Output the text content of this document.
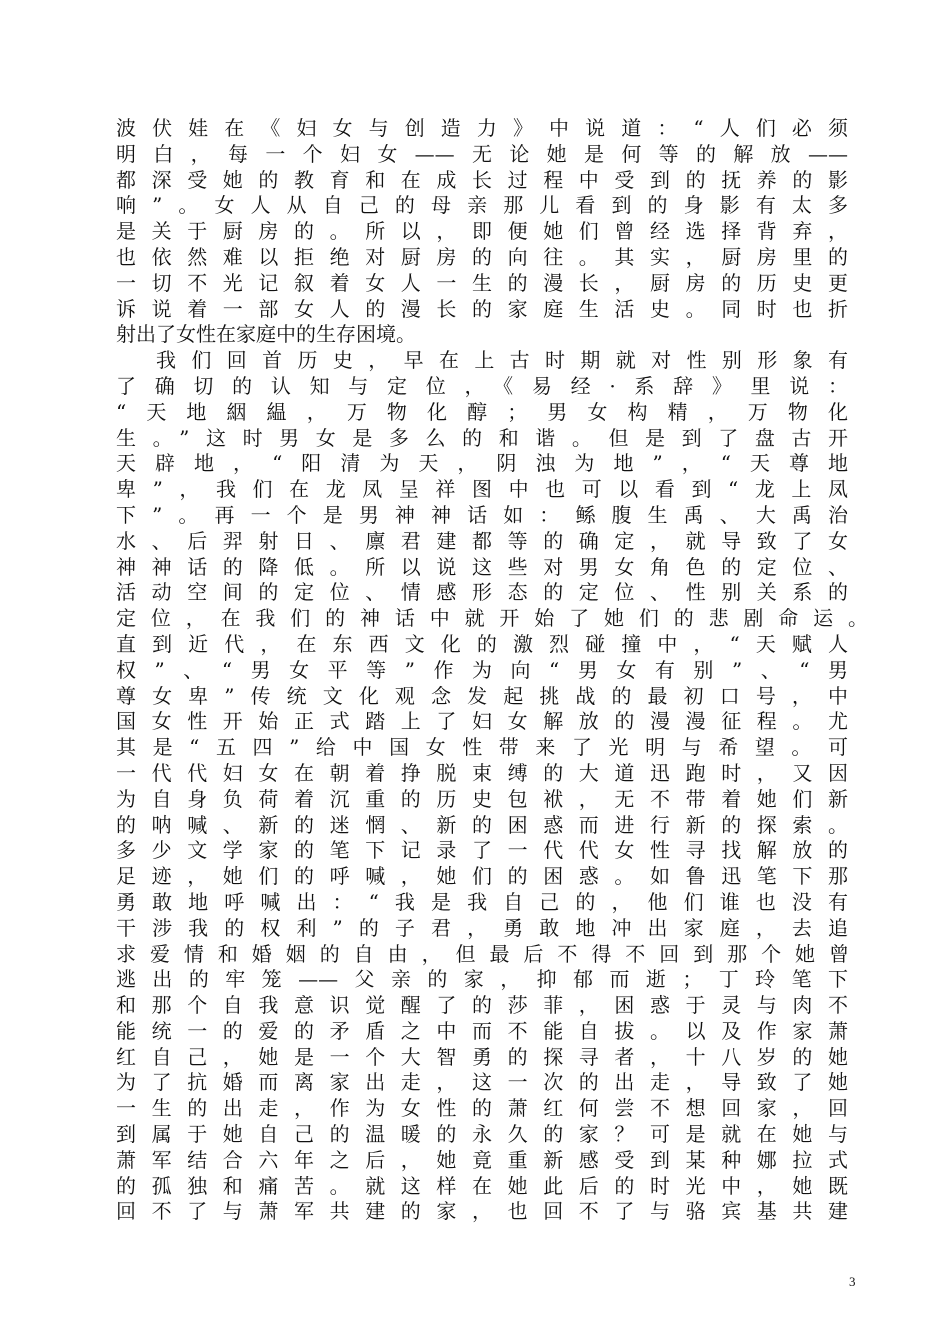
波伏娃在《妇女与创造力》中说道：“人们必须
明白，每一个妇女——无论她是何等的解放——
都深受她的教育和在成长过程中受到的抚养的影
响”。女人从自己的母亲那儿看到的身影有太多
是关于厨房的。所以，即便她们曾经选择背弃，
也依然难以拒绝对厨房的向往。其实，厨房里的
一切不光记叙着女人一生的漫长，厨房的历史更
诉说着一部女人的漫长的家庭生活史。同时也折
射出了女性在家庭中的生存困境。
我们回首历史，早在上古时期就对性别形象有
了确切的认知与定位，《易经·系辞》里说：
“天地絪緼，万物化醇；男女构精，万物化
生。”这时男女是多么的和谐。但是到了盘古开
天辟地，“阳清为天，阴浊为地”，“天尊地
卑”，我们在龙凤呈祥图中也可以看到“龙上凤
下”。再一个是男神神话如：鲧腹生禹、大禹治
水、后羿射日、廪君建都等的确定，就导致了女
神神话的降低。所以说这些对男女角色的定位、
活动空间的定位、情感形态的定位、性别关系的
定位，在我们的神话中就开始了她们的悲剧命运。
直到近代，在东西文化的激烈碰撞中，“天赋人
权”、“男女平等”作为向“男女有别”、“男
尊女卑”传统文化观念发起挑战的最初口号，中
国女性开始正式踏上了妇女解放的漫漫征程。尤
其是“五四”给中国女性带来了光明与希望。可
一代代妇女在朝着挣脱束缚的大道迅跑时，又因
为自身负荷着沉重的历史包袱，无不带着她们新
的呐喊、新的迷惘、新的困惑而进行新的探索。
多少文学家的笔下记录了一代代女性寻找解放的
足迹，她们的呼喊，她们的困惑。如鲁迅笔下那
勇敢地呼喊出：“我是我自己的，他们谁也没有
干涉我的权利”的子君，勇敢地冲出家庭，去追
求爱情和婚姻的自由，但最后不得不回到那个她曾
逃出的牢笼——父亲的家，抑郁而逝；丁玲笔下
和那个自我意识觉醒了的莎菲，困惑于灵与肉不
能统一的爱的矛盾之中而不能自拔。以及作家萧
红自己，她是一个大智勇的探寻者，十八岁的她
为了抗婚而离家出走，这一次的出走，导致了她
一生的出走，作为女性的萧红何尝不想回家，回
到属于她自己的温暖的永久的家？可是就在她与
萧军结合六年之后，她竟重新感受到某种娜拉式
的孤独和痛苦。就这样在她此后的时光中，她既
回不了与萧军共建的家，也回不了与骆宾基共建
3
